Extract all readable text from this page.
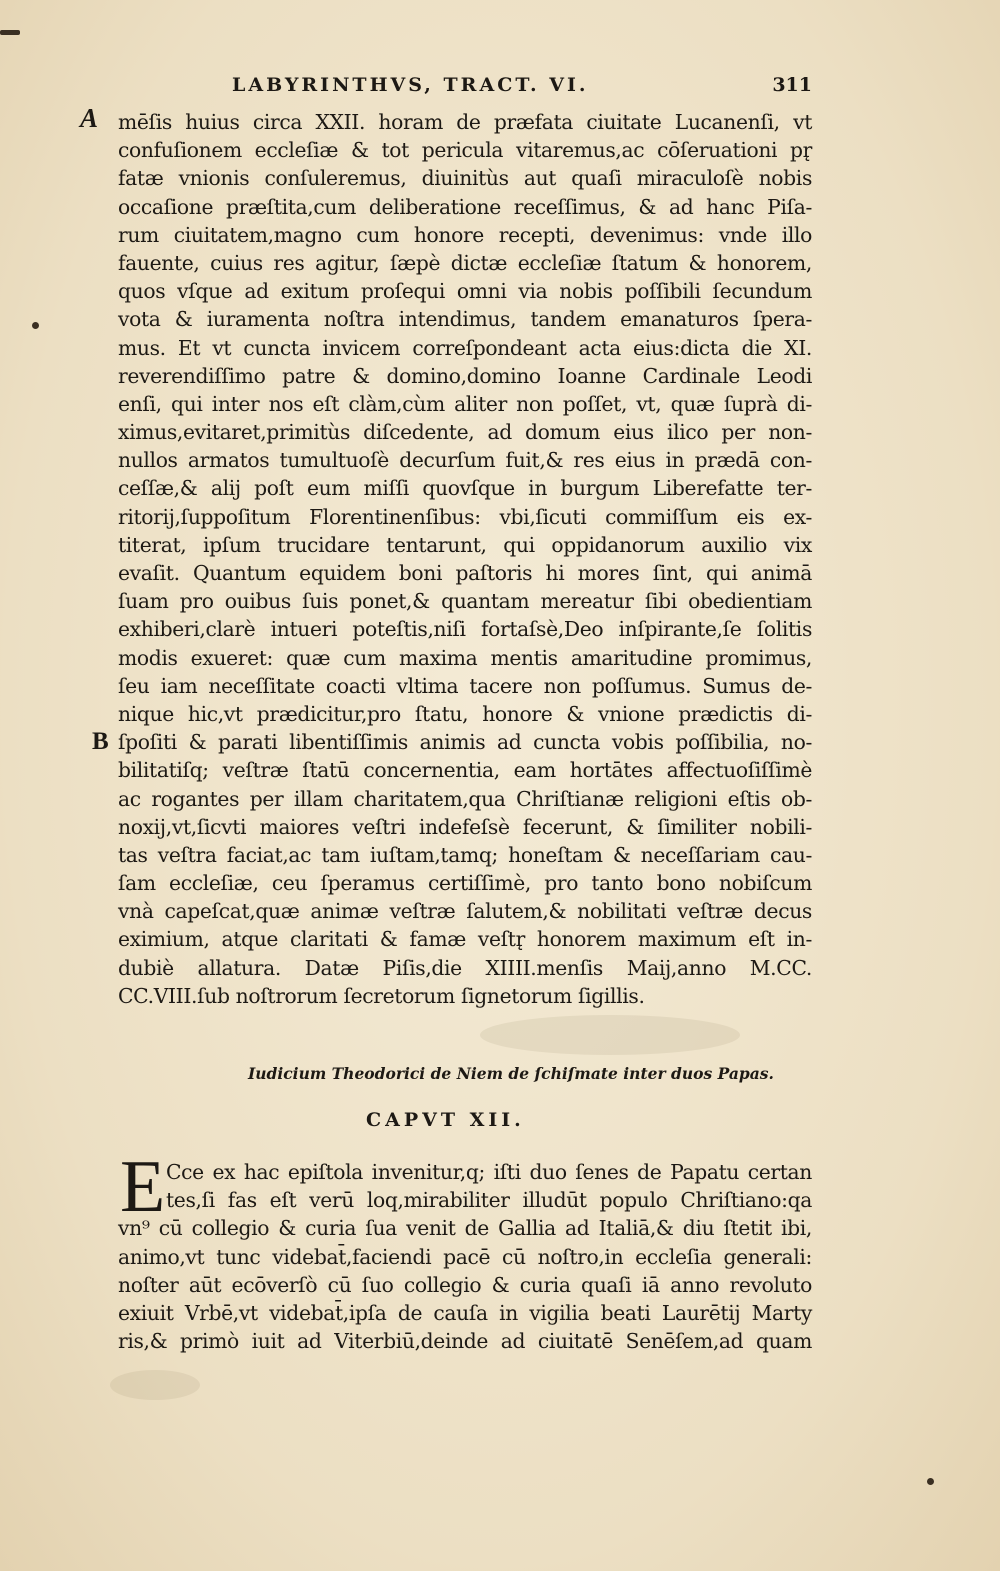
LABYRINTHVS, TRACT. VI.	311
A
B
mēſis huius circa XXII. horam de præfata ciuitate Lucanenſi, vt
confuſionem eccleſiæ & tot pericula vitaremus,ac cōſeruationi pr̨
fatæ vnionis conſuleremus, diuinitùs aut quaſi miraculoſè nobis
occaſione præſtita,cum deliberatione receſſimus, & ad hanc Piſa-
rum ciuitatem,magno cum honore recepti, devenimus: vnde illo
fauente, cuius res agitur, ſæpè dictæ eccleſiæ ſtatum & honorem,
quos vſque ad exitum proſequi omni via nobis poſſibili ſecundum
vota & iuramenta noſtra intendimus, tandem emanaturos ſpera-
mus. Et vt cuncta invicem correſpondeant acta eius:dicta die XI.
reverendiſſimo patre & domino,domino Ioanne Cardinale Leodi
enſi, qui inter nos eſt clàm,cùm aliter non poſſet, vt, quæ ſuprà di-
ximus,evitaret,primitùs diſcedente, ad domum eius ilico per non-
nullos armatos tumultuoſè decurſum fuit,& res eius in prædā con-
ceſſæ,& alij poſt eum miſſi quovſque in burgum Liberefatte ter-
ritorij,ſuppoſitum Florentinenſibus: vbi,ſicuti commiſſum eis ex-
titerat, ipſum trucidare tentarunt, qui oppidanorum auxilio vix
evaſit. Quantum equidem boni paſtoris hi mores ſint, qui animā
ſuam pro ouibus ſuis ponet,& quantam mereatur ſibi obedientiam
exhiberi,clarè intueri poteſtis,niſi fortaſsè,Deo inſpirante,ſe ſolitis
modis exueret: quæ cum maxima mentis amaritudine promimus,
ſeu iam neceſſitate coacti vltima tacere non poſſumus. Sumus de-
nique hic,vt prædicitur,pro ſtatu, honore & vnione prædictis di-
ſpoſiti & parati libentiſſimis animis ad cuncta vobis poſſibilia, no-
bilitatiſq; veſtræ ſtatū concernentia, eam hortātes affectuoſiſſimè
ac rogantes per illam charitatem,qua Chriſtianæ religioni eſtis ob-
noxij,vt,ſicvti maiores veſtri indefeſsè fecerunt, & ſimiliter nobili-
tas veſtra faciat,ac tam iuſtam,tamq; honeſtam & neceſſariam cau-
ſam eccleſiæ, ceu ſperamus certiſſimè, pro tanto bono nobiſcum
vnà capeſcat,quæ animæ veſtræ ſalutem,& nobilitati veſtræ decus
eximium, atque claritati & famæ veſtr̨ honorem maximum eſt in-
dubiè allatura. Datæ Piſis,die XIIII.menſis Maij,anno M.CC.
CC.VIII.ſub noſtrorum ſecretorum ſignetorum ſigillis.
Iudicium Theodorici de Niem de ſchiſmate inter duos Papas.
CAPVT XII.
E Cce ex hac epiſtola invenitur,q; iſti duo ſenes de Papatu certan
tes,ſi fas eſt verū loq,mirabiliter illudūt populo Chriſtiano:qa
vn⁹ cū collegio & curia ſua venit de Gallia ad Italiā,& diu ſtetit ibi,
animo,vt tunc videbat̄,faciendi pacē cū noſtro,in eccleſia generali:
noſter aūt ecōverſò cū ſuo collegio & curia quaſi iā anno revoluto
exiuit Vrbē,vt videbat̄,ipſa de cauſa in vigilia beati Laurētij Marty
ris,& primò iuit ad Viterbiū,deinde ad ciuitatē Senēſem,ad quam
